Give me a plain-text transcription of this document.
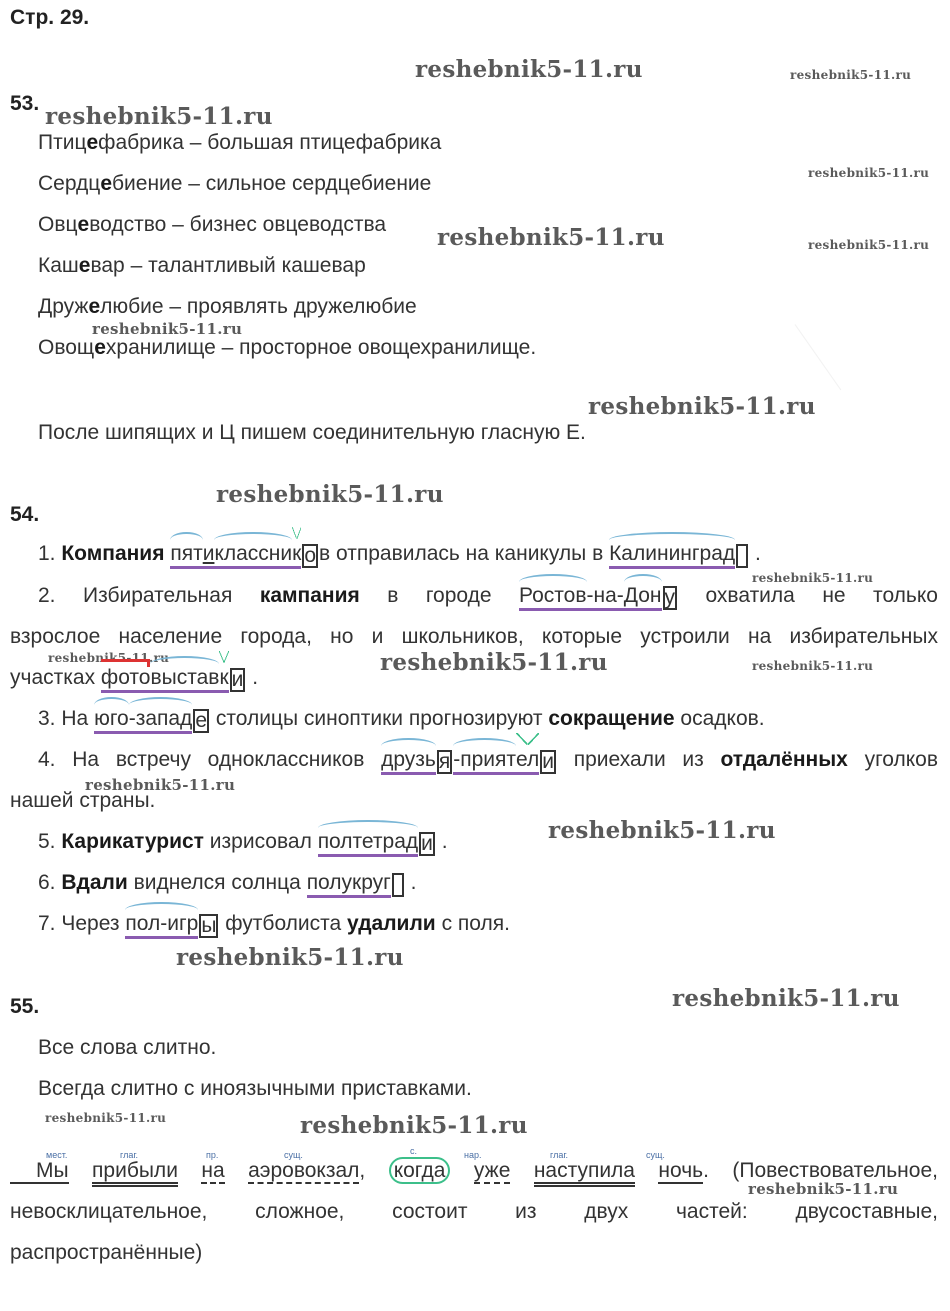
Стр. 29.
reshebnik5-11.ru	reshebnik5-11.ru
reshebnik5-11.ru
reshebnik5-11.ru
reshebnik5-11.ru	reshebnik5-11.ru
reshebnik5-11.ru
reshebnik5-11.ru
reshebnik5-11.ru
reshebnik5-11.ru
reshebnik5-11.ru	reshebnik5-11.ru	reshebnik5-11.ru
reshebnik5-11.ru
reshebnik5-11.ru
reshebnik5-11.ru
reshebnik5-11.ru
reshebnik5-11.ru	reshebnik5-11.ru
reshebnik5-11.ru
53.
Птицефабрика – большая птицефабрика
Сердцебиение – сильное сердцебиение
Овцеводство – бизнес овцеводства
Кашевар – талантливый кашевар
Дружелюбие – проявлять дружелюбие
Овощехранилище – просторное овощехранилище.
После шипящих и Ц пишем соединительную гласную Е.
54.
1. Компания пятиклассник о в отправилась на каникулы в Калининград .
2. Избирательная кампания в городе Ростов-на-Дон у охватила не только
взрослое население города, но и школьников, которые устроили на избирательных
участках фотовыставк и .
3. На юго-запад е столицы синоптики прогнозируют сокращение осадков.
4. На встречу одноклассников друзь я -приятел и приехали из отдалённых уголков
нашей страны.
5. Карикатурист изрисовал полтетрад и .
6. Вдали виднелся солнца полукруг .
7. Через пол-игр ы футболиста удалили с поля.
55.
Все слова слитно.
Всегда слитно с иноязычными приставками.
мест.	глаг.	пр.	сущ.	с.	нар.	глаг.	сущ.
Мы прибыли на аэровокзал, когда уже наступила ночь. (Повествовательное,
невосклицательное, сложное, состоит из двух частей: двусоставные,
распространённые)
